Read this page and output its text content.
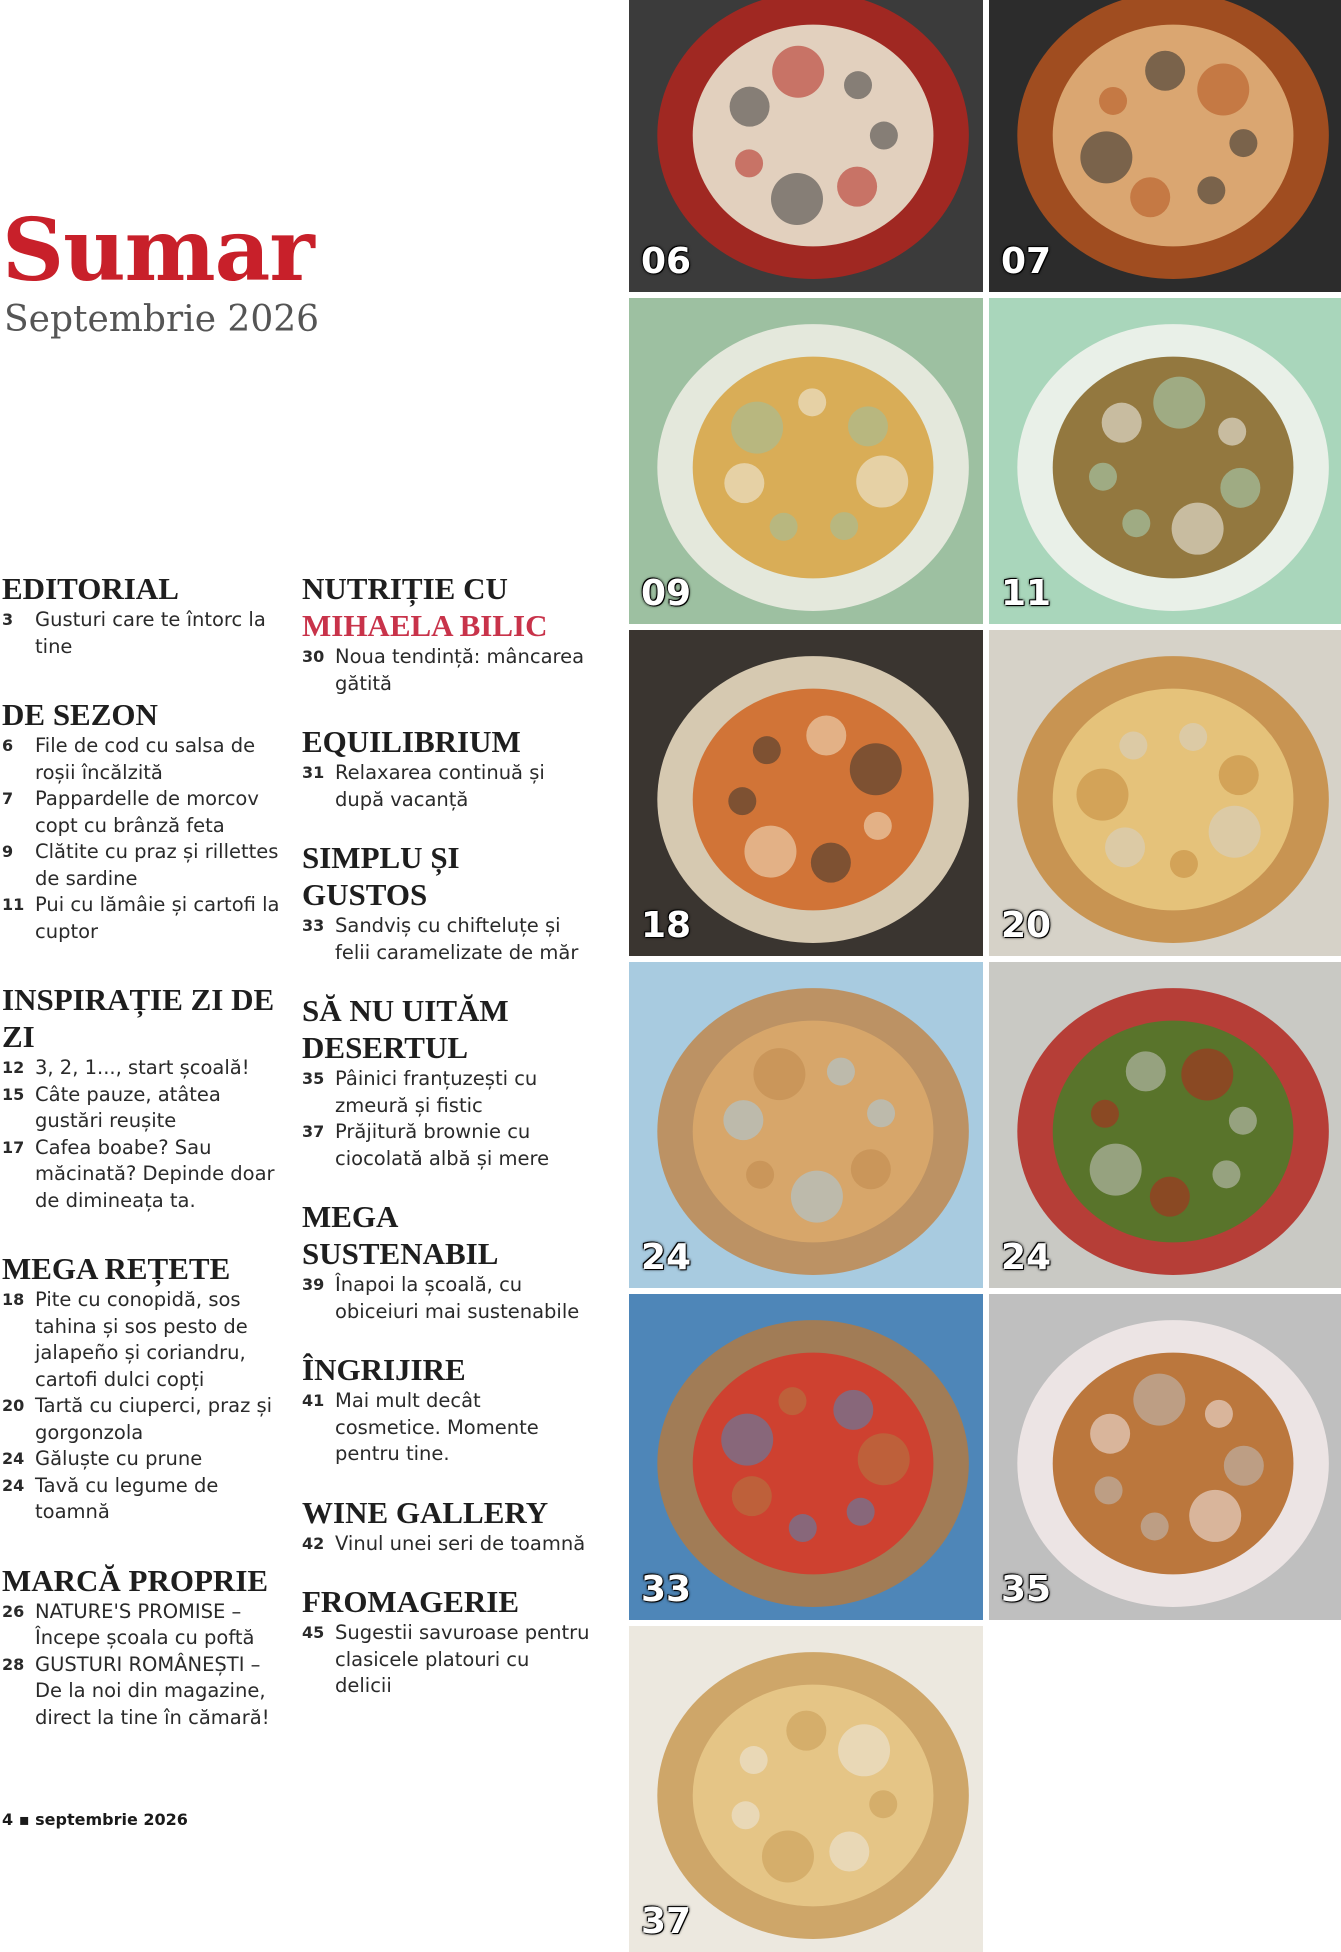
Sumar
Septembrie 2026
EDITORIAL
3	Gusturi care te întorc la tine
DE SEZON
6	File de cod cu salsa de roșii încălzită
7	Pappardelle de morcov copt cu brânză feta
9	Clătite cu praz și rillettes de sardine
11 Pui cu lămâie și cartofi la cuptor
INSPIRAȚIE ZI DE ZI
12 3, 2, 1..., start școală!
15 Câte pauze, atâtea gustări reușite
17 Cafea boabe? Sau măcinată? Depinde doar de dimineața ta.
MEGA REȚETE
18 Pite cu conopidă, sos tahina și sos pesto de jalapeño și coriandru, cartofi dulci copți
20 Tartă cu ciuperci, praz și gorgonzola
24 Găluște cu prune
24 Tavă cu legume de toamnă
MARCĂ PROPRIE
26 NATURE'S PROMISE – Începe școala cu poftă
28 GUSTURI ROMÂNEȘTI – De la noi din magazine, direct la tine în cămară!
NUTRIȚIE CU
MIHAELA BILIC
30 Noua tendință: mâncarea gătită
EQUILIBRIUM
31 Relaxarea continuă și după vacanță
SIMPLU ȘI GUSTOS
33 Sandviș cu chifteluțe și felii caramelizate de măr
SĂ NU UITĂM DESERTUL
35 Pâinici franțuzești cu zmeură și fistic
37 Prăjitură brownie cu ciocolată albă și mere
MEGA SUSTENABIL
39 Înapoi la școală, cu obiceiuri mai sustenabile
ÎNGRIJIRE
41 Mai mult decât cosmetice. Momente pentru tine.
WINE GALLERY
42 Vinul unei seri de toamnă
FROMAGERIE
45 Sugestii savuroase pentru clasicele platouri cu delicii
06	07
09	11
18	20
24	24
33	35
37
4 ▪ septembrie 2026
